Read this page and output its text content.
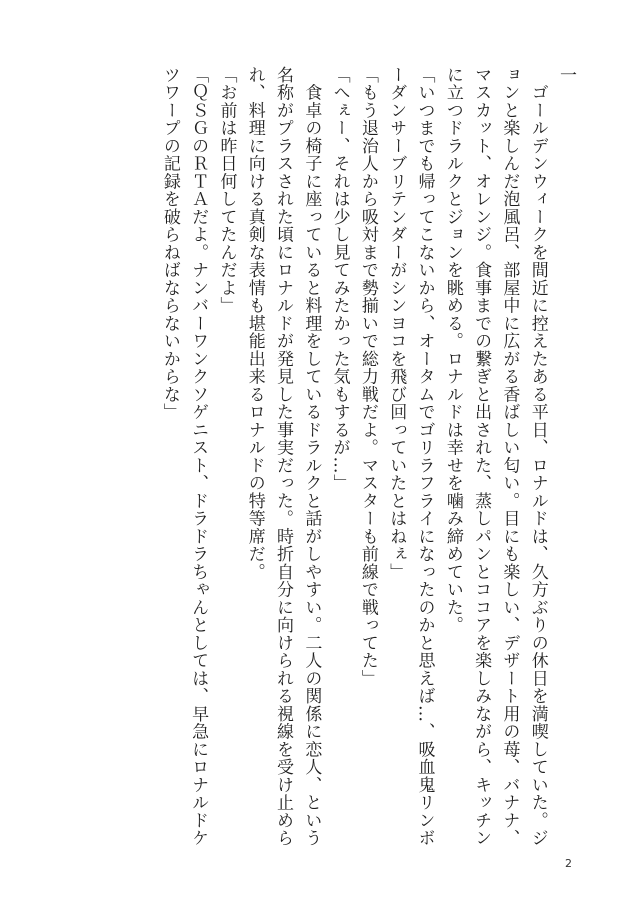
一
　ゴールデンウィークを間近に控えたある平日、ロナルドは、久方ぶりの休日を満喫していた。ジ
ョンと楽しんだ泡風呂、部屋中に広がる香ばしい匂い。目にも楽しい、デザート用の苺、バナナ、
マスカット、オレンジ。食事までの繋ぎと出された、蒸しパンとココアを楽しみながら、キッチン
に立つドラルクとジョンを眺める。ロナルドは幸せを噛み締めていた。
「いつまでも帰ってこないから、オータムでゴリラフライになったのかと思えば…、吸血鬼リンボ
ーダンサーブリテンダーがシンヨコを飛び回っていたとはねぇ」
「もう退治人から吸対まで勢揃いで総力戦だよ。マスターも前線で戦ってた」
「へぇー、それは少し見てみたかった気もするが…」
　食卓の椅子に座っていると料理をしているドラルクと話がしやすい。二人の関係に恋人、という
名称がプラスされた頃にロナルドが発見した事実だった。時折自分に向けられる視線を受け止めら
れ、料理に向ける真剣な表情も堪能出来るロナルドの特等席だ。
「お前は昨日何してたんだよ」
「ＱＳＧのＲＴＡだよ。ナンバーワンクソゲニスト、ドラドラちゃんとしては、早急にロナルドケ
ツワープの記録を破らねばならないからな」
2
